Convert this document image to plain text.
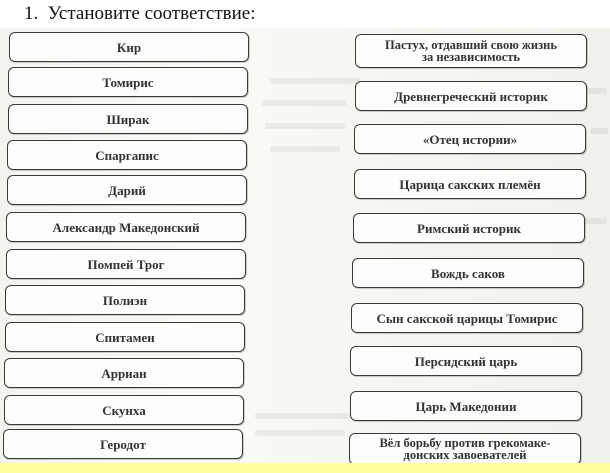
1. Установите соответствие:
Кир
Томирис
Ширак
Спаргапис
Дарий
Александр Македонский
Помпей Трог
Полиэн
Спитамен
Арриан
Скунха
Геродот
Пастух, отдавший свою жизнь за независимость
Древнегреческий историк
«Отец истории»
Царица сакских племён
Римский историк
Вождь саков
Сын сакской царицы Томирис
Персидский царь
Царь Македонии
Вёл борьбу против грекомаке-донских завоевателей
